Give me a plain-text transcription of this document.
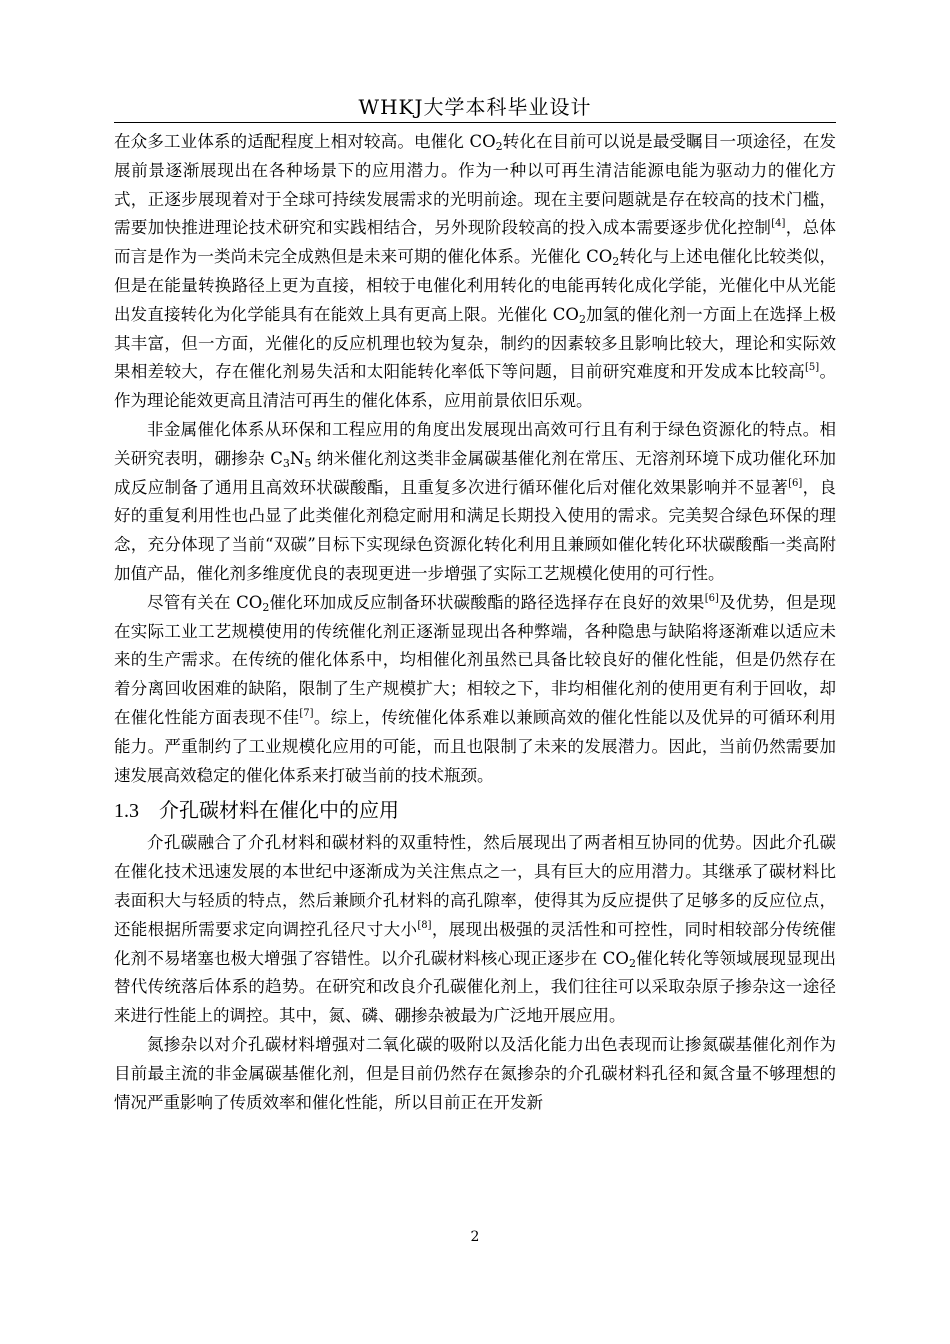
WHKJ大学本科毕业设计

在众多工业体系的适配程度上相对较高。电催化 $CO_2$转化在目前可以说是最受瞩目一项途径，在发展前景逐渐展现出在各种场景下的应用潜力。作为一种以可再生清洁能源电能为驱动力的催化方式，正逐步展现着对于全球可持续发展需求的光明前途。现在主要问题就是存在较高的技术门槛，需要加快推进理论技术研究和实践相结合，另外现阶段较高的投入成本需要逐步优化控制[4]，总体而言是作为一类尚未完全成熟但是未来可期的催化体系。光催化 $CO_2$转化与上述电催化比较类似，但是在能量转换路径上更为直接，相较于电催化利用转化的电能再转化成化学能，光催化中从光能出发直接转化为化学能具有在能效上具有更高上限。光催化 $CO_2$加氢的催化剂一方面上在选择上极其丰富，但一方面，光催化的反应机理也较为复杂，制约的因素较多且影响比较大，理论和实际效果相差较大，存在催化剂易失活和太阳能转化率低下等问题，目前研究难度和开发成本比较高[5]。作为理论能效更高且清洁可再生的催化体系，应用前景依旧乐观。

非金属催化体系从环保和工程应用的角度出发展现出高效可行且有利于绿色资源化的特点。相关研究表明，硼掺杂 $C_3N_5$ 纳米催化剂这类非金属碳基催化剂在常压、无溶剂环境下成功催化环加成反应制备了通用且高效环状碳酸酯，且重复多次进行循环催化后对催化效果影响并不显著[6]，良好的重复利用性也凸显了此类催化剂稳定耐用和满足长期投入使用的需求。完美契合绿色环保的理念，充分体现了当前“双碳”目标下实现绿色资源化转化利用且兼顾如催化转化环状碳酸酯一类高附加值产品，催化剂多维度优良的表现更进一步增强了实际工艺规模化使用的可行性。

尽管有关在 $CO_2$催化环加成反应制备环状碳酸酯的路径选择存在良好的效果[6]及优势，但是现在实际工业工艺规模使用的传统催化剂正逐渐显现出各种弊端，各种隐患与缺陷将逐渐难以适应未来的生产需求。在传统的催化体系中，均相催化剂虽然已具备比较良好的催化性能，但是仍然存在着分离回收困难的缺陷，限制了生产规模扩大；相较之下，非均相催化剂的使用更有利于回收，却在催化性能方面表现不佳[7]。综上，传统催化体系难以兼顾高效的催化性能以及优异的可循环利用能力。严重制约了工业规模化应用的可能，而且也限制了未来的发展潜力。因此，当前仍然需要加速发展高效稳定的催化体系来打破当前的技术瓶颈。

1.3 介孔碳材料在催化中的应用

介孔碳融合了介孔材料和碳材料的双重特性，然后展现出了两者相互协同的优势。因此介孔碳在催化技术迅速发展的本世纪中逐渐成为关注焦点之一，具有巨大的应用潜力。其继承了碳材料比表面积大与轻质的特点，然后兼顾介孔材料的高孔隙率，使得其为反应提供了足够多的反应位点，还能根据所需要求定向调控孔径尺寸大小[8]，展现出极强的灵活性和可控性，同时相较部分传统催化剂不易堵塞也极大增强了容错性。以介孔碳材料核心现正逐步在 $CO_2$催化转化等领域展现显现出替代传统落后体系的趋势。在研究和改良介孔碳催化剂上，我们往往可以采取杂原子掺杂这一途径来进行性能上的调控。其中，氮、磷、硼掺杂被最为广泛地开展应用。

氮掺杂以对介孔碳材料增强对二氧化碳的吸附以及活化能力出色表现而让掺氮碳基催化剂作为目前最主流的非金属碳基催化剂，但是目前仍然存在氮掺杂的介孔碳材料孔径和氮含量不够理想的情况严重影响了传质效率和催化性能，所以目前正在开发新

2
